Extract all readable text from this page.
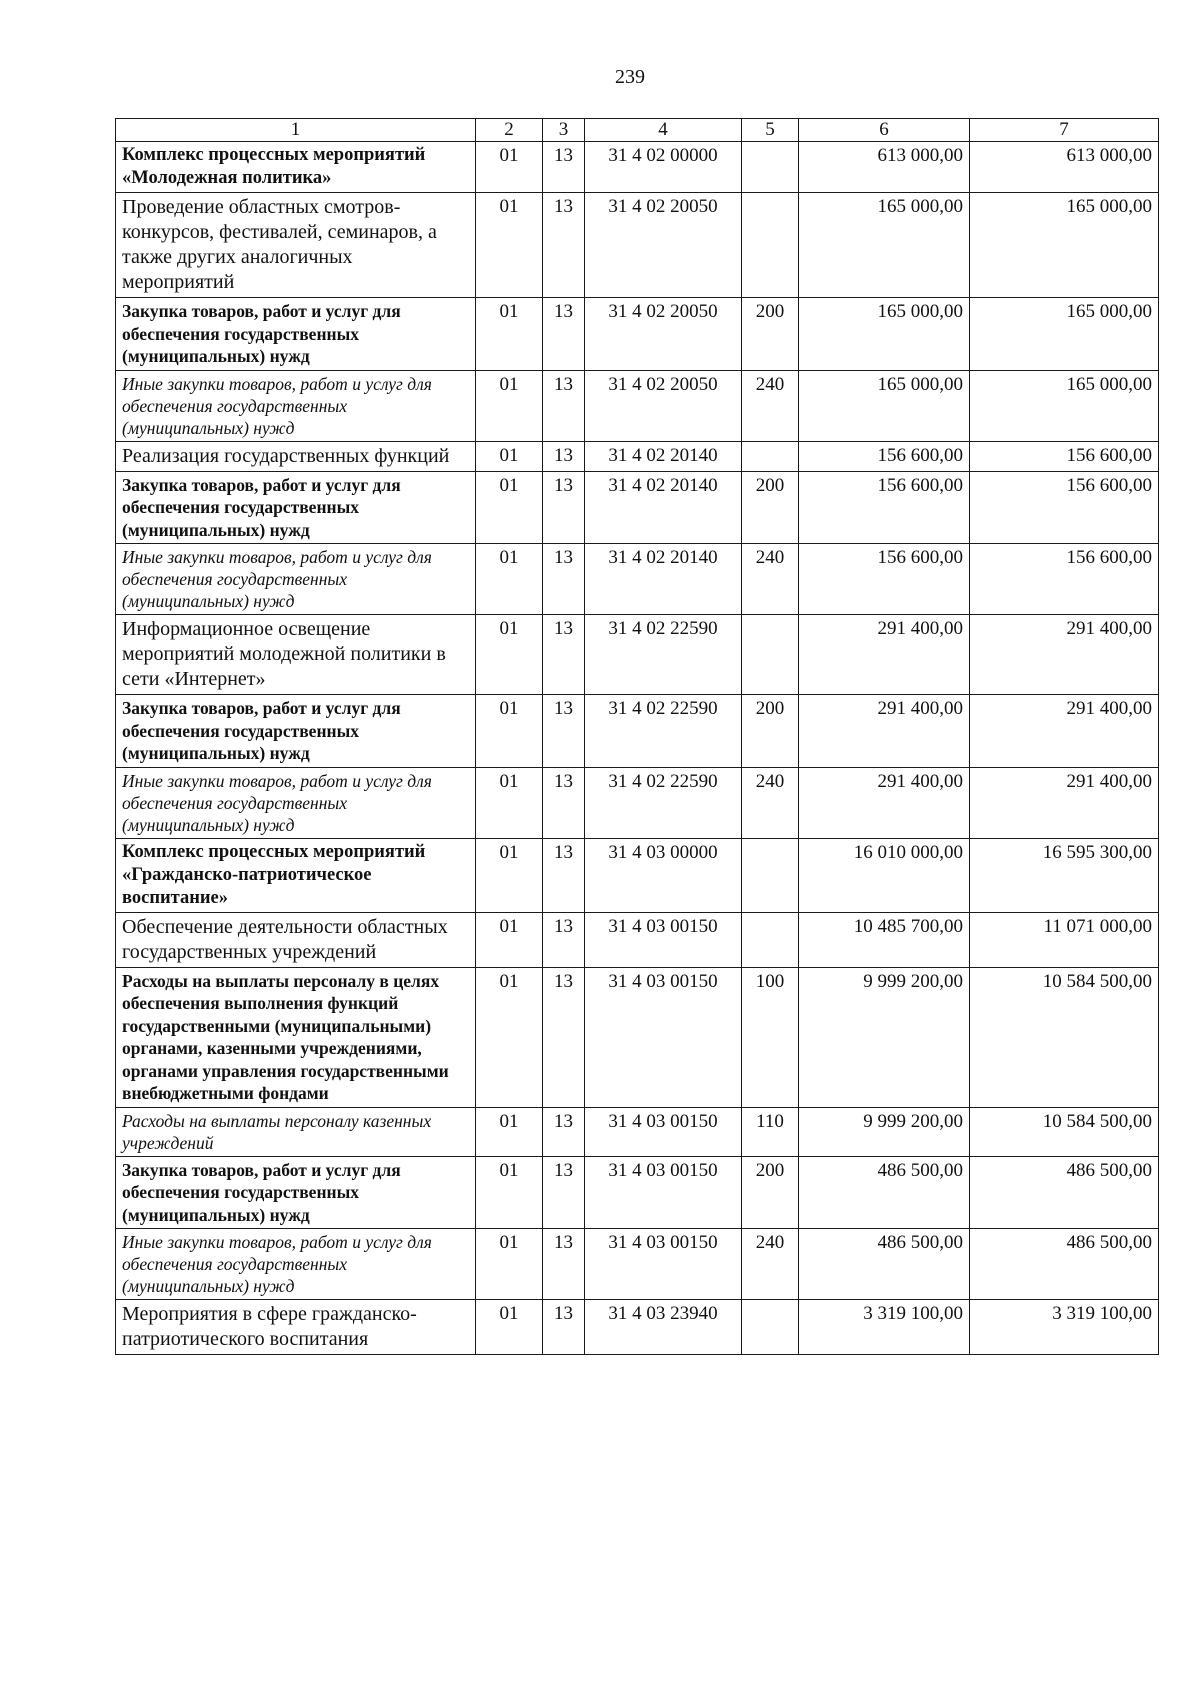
239
1	2	3	4	5	6	7
Комплекс процессных мероприятий «Молодежная политика»	01	13	31 4 02 00000		613 000,00	613 000,00
Проведение областных смотров-конкурсов, фестивалей, семинаров, а также других аналогичных мероприятий	01	13	31 4 02 20050		165 000,00	165 000,00
Закупка товаров, работ и услуг для обеспечения государственных (муниципальных) нужд	01	13	31 4 02 20050	200	165 000,00	165 000,00
Иные закупки товаров, работ и услуг для обеспечения государственных (муниципальных) нужд	01	13	31 4 02 20050	240	165 000,00	165 000,00
Реализация государственных функций	01	13	31 4 02 20140		156 600,00	156 600,00
Закупка товаров, работ и услуг для обеспечения государственных (муниципальных) нужд	01	13	31 4 02 20140	200	156 600,00	156 600,00
Иные закупки товаров, работ и услуг для обеспечения государственных (муниципальных) нужд	01	13	31 4 02 20140	240	156 600,00	156 600,00
Информационное освещение мероприятий молодежной политики в сети «Интернет»	01	13	31 4 02 22590		291 400,00	291 400,00
Закупка товаров, работ и услуг для обеспечения государственных (муниципальных) нужд	01	13	31 4 02 22590	200	291 400,00	291 400,00
Иные закупки товаров, работ и услуг для обеспечения государственных (муниципальных) нужд	01	13	31 4 02 22590	240	291 400,00	291 400,00
Комплекс процессных мероприятий «Гражданско-патриотическое воспитание»	01	13	31 4 03 00000		16 010 000,00	16 595 300,00
Обеспечение деятельности областных государственных учреждений	01	13	31 4 03 00150		10 485 700,00	11 071 000,00
Расходы на выплаты персоналу в целях обеспечения выполнения функций государственными (муниципальными) органами, казенными учреждениями, органами управления государственными внебюджетными фондами	01	13	31 4 03 00150	100	9 999 200,00	10 584 500,00
Расходы на выплаты персоналу казенных учреждений	01	13	31 4 03 00150	110	9 999 200,00	10 584 500,00
Закупка товаров, работ и услуг для обеспечения государственных (муниципальных) нужд	01	13	31 4 03 00150	200	486 500,00	486 500,00
Иные закупки товаров, работ и услуг для обеспечения государственных (муниципальных) нужд	01	13	31 4 03 00150	240	486 500,00	486 500,00
Мероприятия в сфере гражданско-патриотического воспитания	01	13	31 4 03 23940		3 319 100,00	3 319 100,00
